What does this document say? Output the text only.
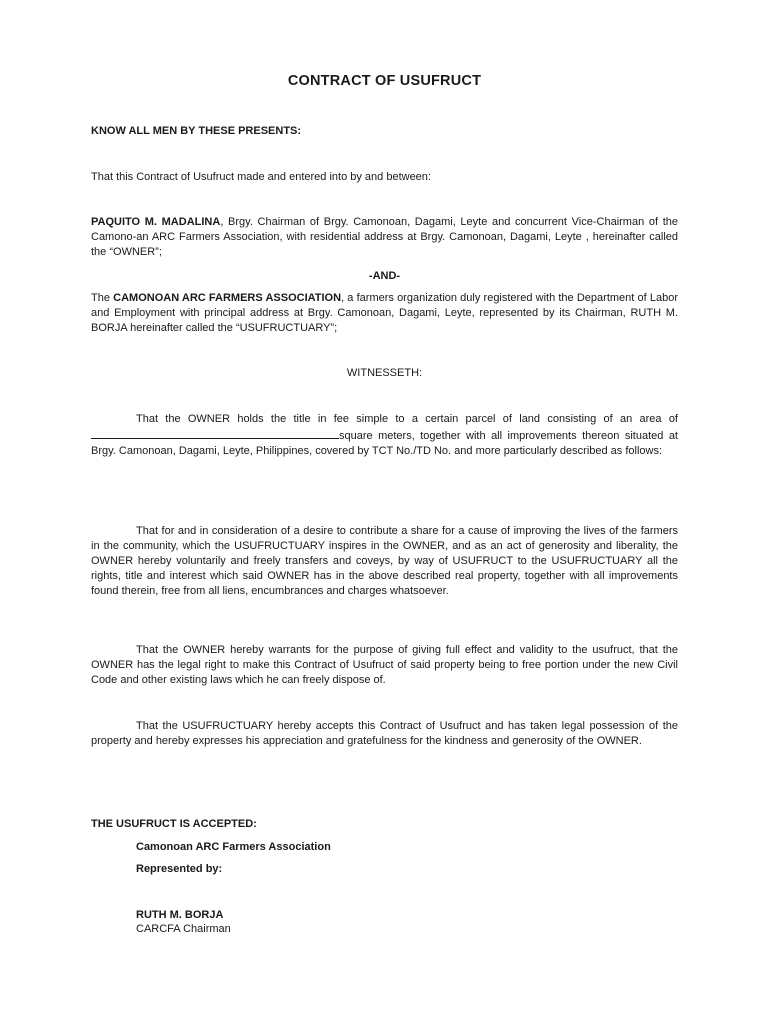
CONTRACT OF USUFRUCT

KNOW ALL MEN BY THESE PRESENTS:

That this Contract of Usufruct made and entered into by and between:

PAQUITO M. MADALINA, Brgy. Chairman of Brgy. Camonoan, Dagami, Leyte and concurrent Vice-Chairman of the Camono-an ARC Farmers Association, with residential address at Brgy. Camonoan, Dagami, Leyte , hereinafter called the “OWNER”;

-AND-

The CAMONOAN ARC FARMERS ASSOCIATION, a farmers organization duly registered with the Department of Labor and Employment with principal address at Brgy. Camonoan, Dagami, Leyte, represented by its Chairman, RUTH M. BORJA hereinafter called the “USUFRUCTUARY”;

WITNESSETH:

That the OWNER holds the title in fee simple to a certain parcel of land consisting of an area ofsquare meters, together with all improvements thereon situated at Brgy. Camonoan, Dagami, Leyte, Philippines, covered by TCT No./TD No. and more particularly described as follows:

That for and in consideration of a desire to contribute a share for a cause of improving the lives of the farmers in the community, which the USUFRUCTUARY inspires in the OWNER, and as an act of generosity and liberality, the OWNER hereby voluntarily and freely transfers and coveys, by way of USUFRUCT to the USUFRUCTUARY all the rights, title and interest which said OWNER has in the above described real property, together with all improvements found therein, free from all liens, encumbrances and charges whatsoever.

That the OWNER hereby warrants for the purpose of giving full effect and validity to the usufruct, that the OWNER has the legal right to make this Contract of Usufruct of said property being to free portion under the new Civil Code and other existing laws which he can freely dispose of.

That the USUFRUCTUARY hereby accepts this Contract of Usufruct and has taken legal possession of the property and hereby expresses his appreciation and gratefulness for the kindness and generosity of the OWNER.

THE USUFRUCT IS ACCEPTED:

Camonoan ARC Farmers Association

Represented by:

RUTH M. BORJA

CARCFA Chairman
